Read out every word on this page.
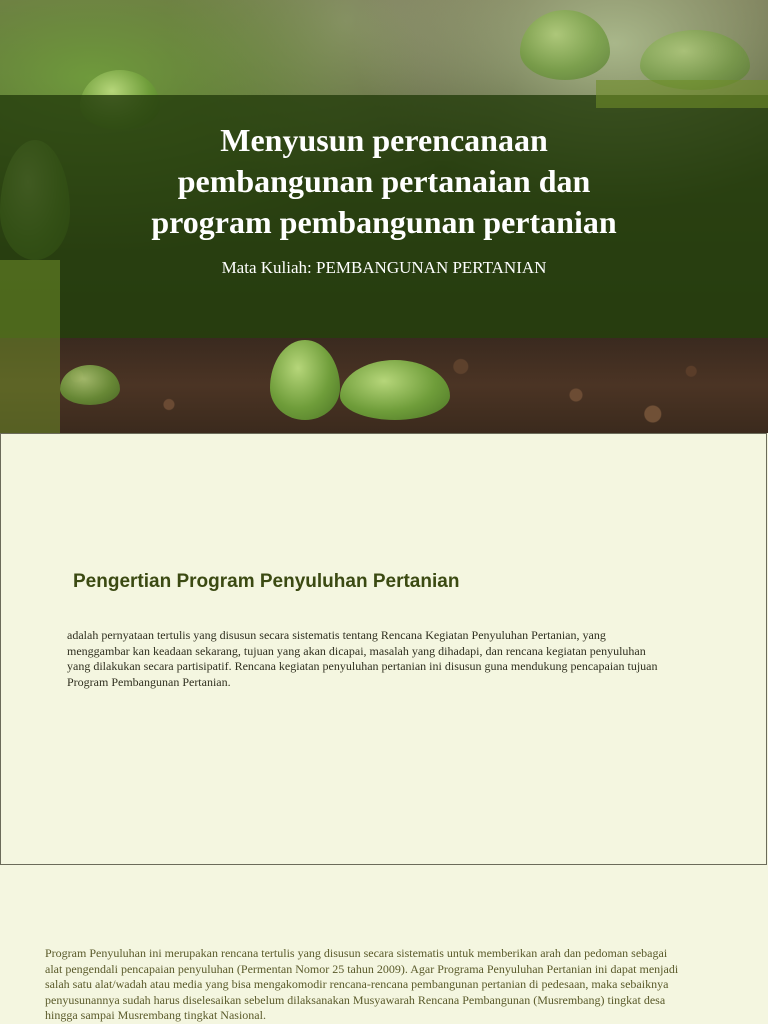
Menyusun perencanaan
pembangunan pertanaian dan
program pembangunan pertanian

Mata Kuliah: PEMBANGUNAN PERTANIAN

Pengertian Program Penyuluhan Pertanian

adalah pernyataan tertulis yang disusun secara sistematis tentang Rencana Kegiatan Penyuluhan Pertanian, yang
menggambar kan keadaan sekarang, tujuan yang akan dicapai, masalah yang dihadapi, dan rencana kegiatan penyuluhan
yang dilakukan secara partisipatif. Rencana kegiatan penyuluhan pertanian ini disusun guna mendukung pencapaian tujuan
Program Pembangunan Pertanian.

Program Penyuluhan ini merupakan rencana tertulis yang disusun secara sistematis untuk memberikan arah dan pedoman sebagai
alat pengendali pencapaian penyuluhan (Permentan Nomor 25 tahun 2009). Agar Programa Penyuluhan Pertanian ini dapat menjadi
salah satu alat/wadah atau media yang bisa mengakomodir rencana-rencana pembangunan pertanian di pedesaan, maka sebaiknya
penyusunannya sudah harus diselesaikan sebelum dilaksanakan Musyawarah Rencana Pembangunan (Musrembang) tingkat desa
hingga sampai Musrembang tingkat Nasional.
